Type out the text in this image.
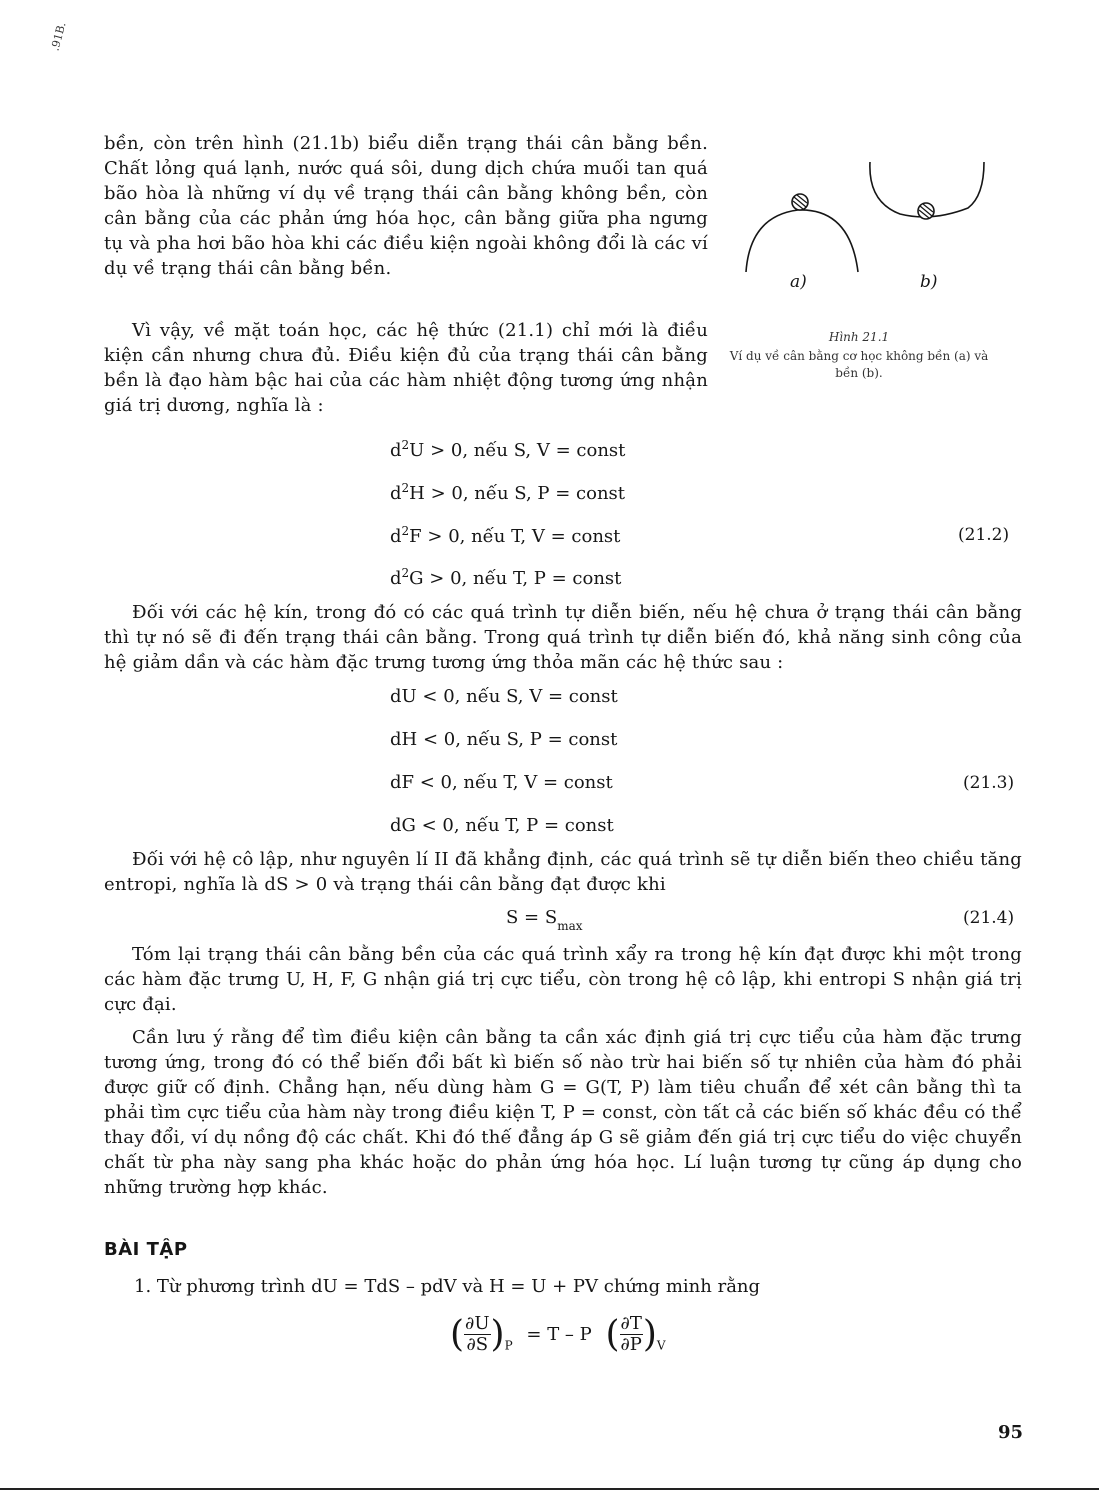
.91B.

bền, còn trên hình (21.1b) biểu diễn trạng thái cân bằng bền. Chất lỏng quá lạnh, nước quá sôi, dung dịch chứa muối tan quá bão hòa là những ví dụ về trạng thái cân bằng không bền, còn cân bằng của các phản ứng hóa học, cân bằng giữa pha ngưng tụ và pha hơi bão hòa khi các điều kiện ngoài không đổi là các ví dụ về trạng thái cân bằng bền.

Vì vậy, về mặt toán học, các hệ thức (21.1) chỉ mới là điều kiện cần nhưng chưa đủ. Điều kiện đủ của trạng thái cân bằng bền là đạo hàm bậc hai của các hàm nhiệt động tương ứng nhận giá trị dương, nghĩa là :

a)	b)
Hình 21.1
Ví dụ về cân bằng cơ học không bền (a) và bền (b).
$d^2U > 0$, nếu S, V = const
$d^2H > 0$, nếu S, P = const
$d^2F > 0$, nếu T, V = const
$d^2G > 0$, nếu T, P = const
(21.2)

Đối với các hệ kín, trong đó có các quá trình tự diễn biến, nếu hệ chưa ở trạng thái cân bằng thì tự nó sẽ đi đến trạng thái cân bằng. Trong quá trình tự diễn biến đó, khả năng sinh công của hệ giảm dần và các hàm đặc trưng tương ứng thỏa mãn các hệ thức sau :

dU < 0, nếu S, V = const
dH < 0, nếu S, P = const
dF < 0, nếu T, V = const
dG < 0, nếu T, P = const
(21.3)

Đối với hệ cô lập, như nguyên lí II đã khẳng định, các quá trình sẽ tự diễn biến theo chiều tăng entropi, nghĩa là dS > 0 và trạng thái cân bằng đạt được khi

$S = S_{max}$	(21.4)

Tóm lại trạng thái cân bằng bền của các quá trình xẩy ra trong hệ kín đạt được khi một trong các hàm đặc trưng U, H, F, G nhận giá trị cực tiểu, còn trong hệ cô lập, khi entropi S nhận giá trị cực đại.

Cần lưu ý rằng để tìm điều kiện cân bằng ta cần xác định giá trị cực tiểu của hàm đặc trưng tương ứng, trong đó có thể biến đổi bất kì biến số nào trừ hai biến số tự nhiên của hàm đó phải được giữ cố định. Chẳng hạn, nếu dùng hàm G = G(T, P) làm tiêu chuẩn để xét cân bằng thì ta phải tìm cực tiểu của hàm này trong điều kiện T, P = const, còn tất cả các biến số khác đều có thể thay đổi, ví dụ nồng độ các chất. Khi đó thế đẳng áp G sẽ giảm đến giá trị cực tiểu do việc chuyển chất từ pha này sang pha khác hoặc do phản ứng hóa học. Lí luận tương tự cũng áp dụng cho những trường hợp khác.

BÀI TẬP
1. Từ phương trình dU = TdS – pdV và H = U + PV chứng minh rằng
( $\frac{\partial U}{\partial S} )_P = T - P$ ( $\frac{\partial T}{\partial P} )_V$
95
